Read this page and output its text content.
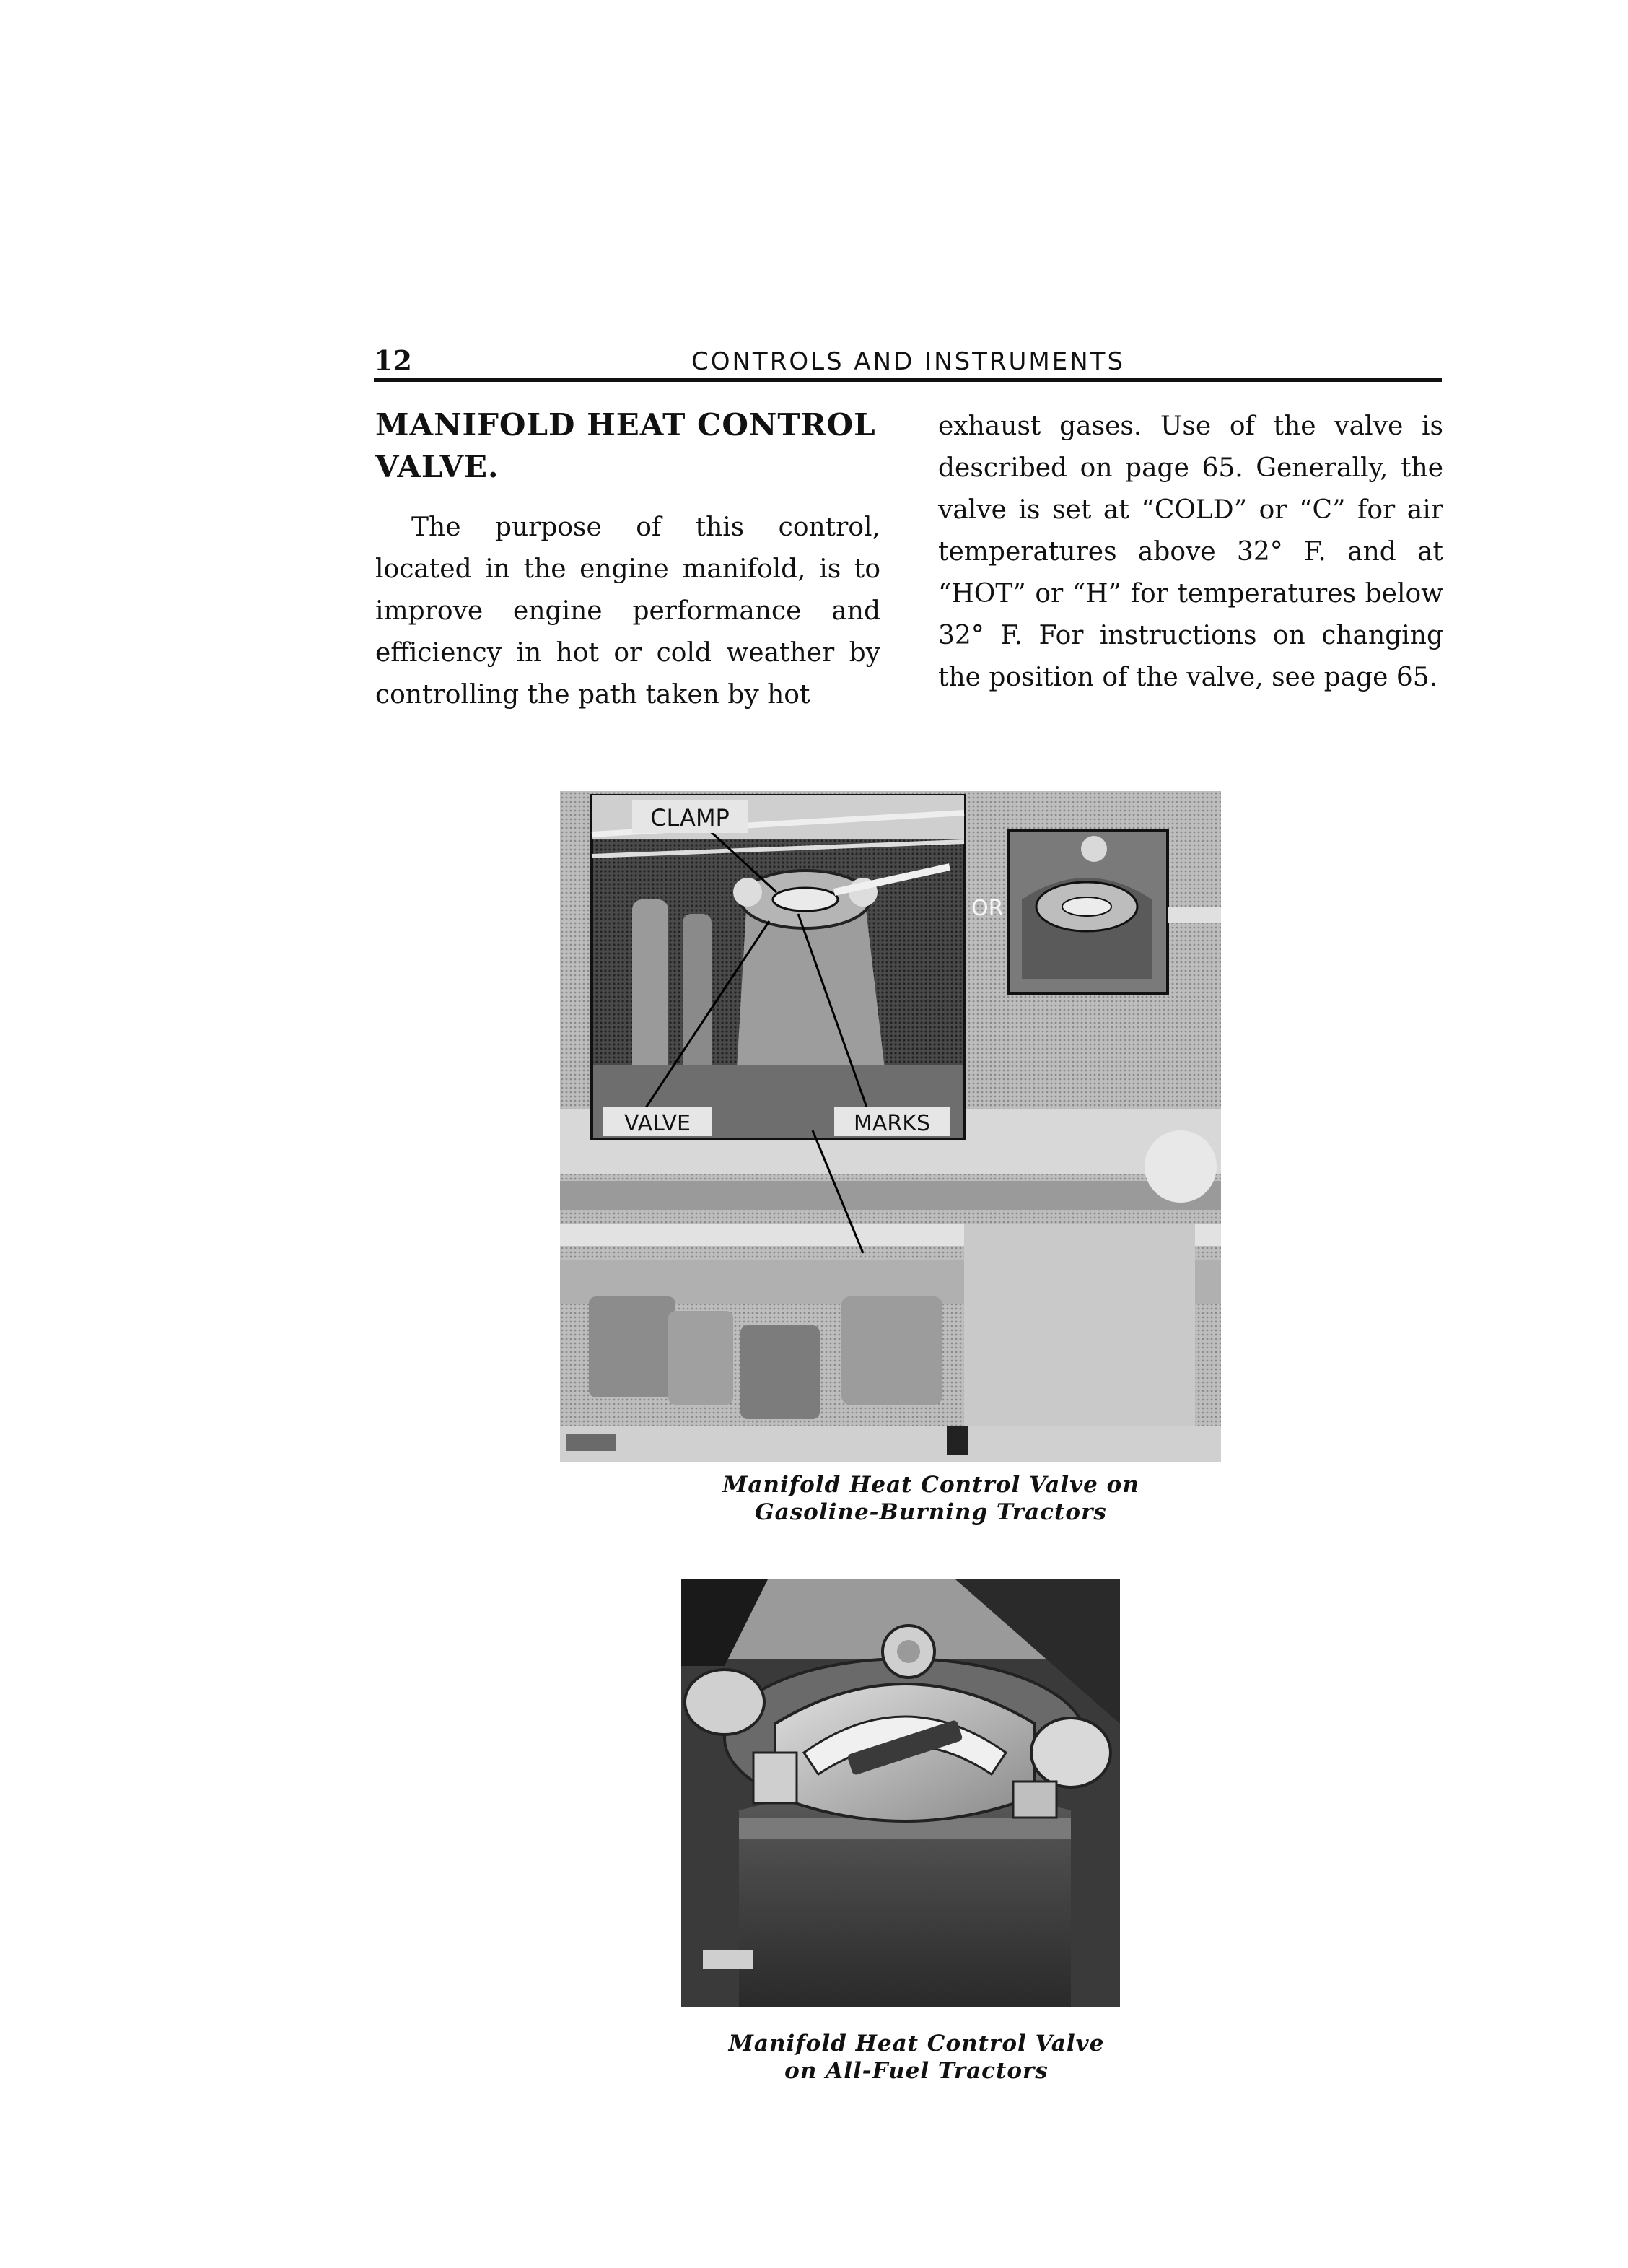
12	CONTROLS AND INSTRUMENTS
MANIFOLD HEAT CONTROL
VALVE.

The purpose of this control, located in the engine manifold, is to improve engine performance and efficiency in hot or cold weather by controlling the path taken by hot

exhaust gases. Use of the valve is described on page 65. Generally, the valve is set at “COLD” or “C” for air temperatures above 32° F. and at “HOT” or “H” for temperatures below 32° F. For instructions on changing the position of the valve, see page 65.

CLAMP
VALVE	MARKS
OR
Manifold Heat Control Valve on
Gasoline-Burning Tractors
Manifold Heat Control Valve
on All-Fuel Tractors
